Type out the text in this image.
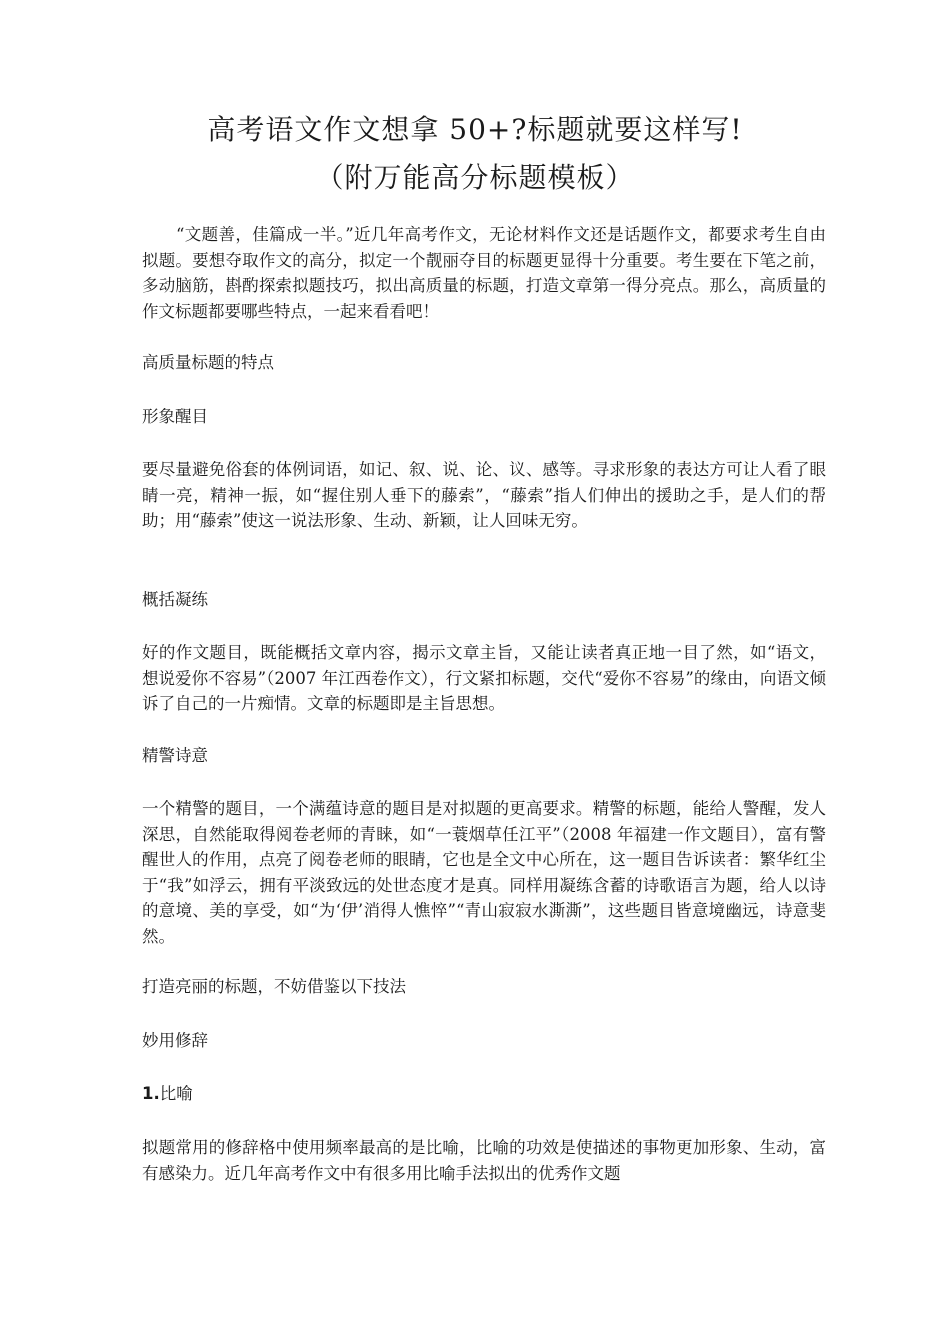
高考语文作文想拿 50+?标题就要这样写!
（附万能高分标题模板）

“文题善，佳篇成一半。”近几年高考作文，无论材料作文还是话题作文，都要求考生自由拟题。要想夺取作文的高分，拟定一个靓丽夺目的标题更显得十分重要。考生要在下笔之前，多动脑筋，斟酌探索拟题技巧，拟出高质量的标题，打造文章第一得分亮点。那么，高质量的作文标题都要哪些特点，一起来看看吧！

高质量标题的特点

形象醒目

要尽量避免俗套的体例词语，如记、叙、说、论、议、感等。寻求形象的表达方可让人看了眼睛一亮，精神一振，如“握住别人垂下的藤索”，“藤索”指人们伸出的援助之手，是人们的帮助；用“藤索”使这一说法形象、生动、新颖，让人回味无穷。

概括凝练

好的作文题目，既能概括文章内容，揭示文章主旨，又能让读者真正地一目了然，如“语文，想说爱你不容易”（2007 年江西卷作文），行文紧扣标题，交代“爱你不容易”的缘由，向语文倾诉了自己的一片痴情。文章的标题即是主旨思想。

精警诗意

一个精警的题目，一个满蕴诗意的题目是对拟题的更高要求。精警的标题，能给人警醒，发人深思，自然能取得阅卷老师的青睐，如“一蓑烟草任江平”（2008 年福建一作文题目），富有警醒世人的作用，点亮了阅卷老师的眼睛，它也是全文中心所在，这一题目告诉读者：繁华红尘于“我”如浮云，拥有平淡致远的处世态度才是真。同样用凝练含蓄的诗歌语言为题，给人以诗的意境、美的享受，如“为‘伊’消得人憔悴”“青山寂寂水澌澌”，这些题目皆意境幽远，诗意斐然。

打造亮丽的标题，不妨借鉴以下技法

妙用修辞

1.比喻

拟题常用的修辞格中使用频率最高的是比喻，比喻的功效是使描述的事物更加形象、生动，富有感染力。近几年高考作文中有很多用比喻手法拟出的优秀作文题
